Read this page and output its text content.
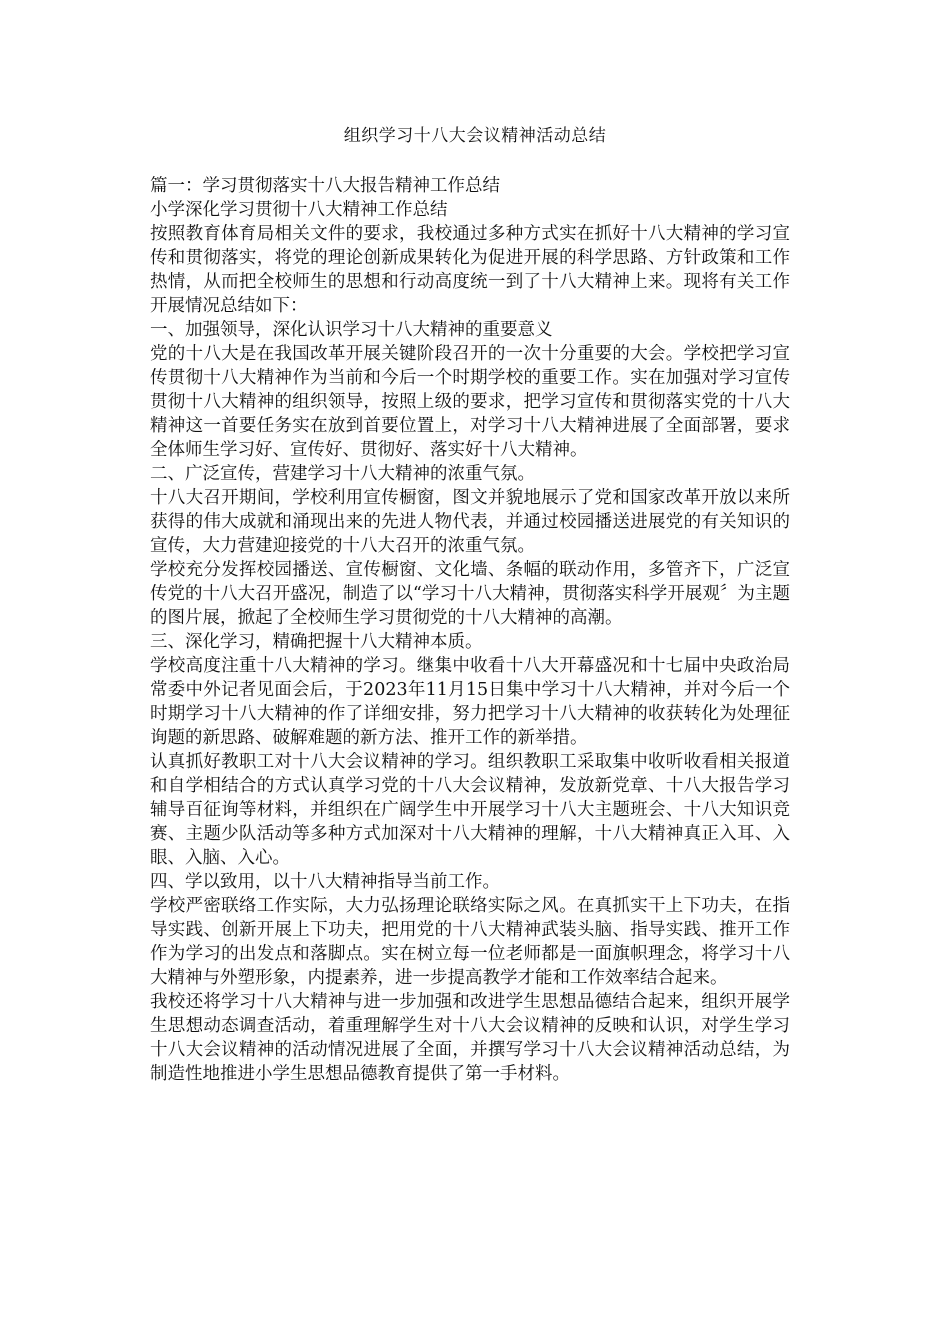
组织学习十八大会议精神活动总结

篇一：学习贯彻落实十八大报告精神工作总结

小学深化学习贯彻十八大精神工作总结

按照教育体育局相关文件的要求，我校通过多种方式实在抓好十八大精神的学习宣传和贯彻落实，将党的理论创新成果转化为促进开展的科学思路、方针政策和工作热情，从而把全校师生的思想和行动高度统一到了十八大精神上来。现将有关工作开展情况总结如下：

一、加强领导，深化认识学习十八大精神的重要意义

党的十八大是在我国改革开展关键阶段召开的一次十分重要的大会。学校把学习宣传贯彻十八大精神作为当前和今后一个时期学校的重要工作。实在加强对学习宣传贯彻十八大精神的组织领导，按照上级的要求，把学习宣传和贯彻落实党的十八大精神这一首要任务实在放到首要位置上，对学习十八大精神进展了全面部署，要求全体师生学习好、宣传好、贯彻好、落实好十八大精神。

二、广泛宣传，营建学习十八大精神的浓重气氛。

十八大召开期间，学校利用宣传橱窗，图文并貌地展示了党和国家改革开放以来所获得的伟大成就和涌现出来的先进人物代表，并通过校园播送进展党的有关知识的宣传，大力营建迎接党的十八大召开的浓重气氛。

学校充分发挥校园播送、宣传橱窗、文化墙、条幅的联动作用，多管齐下，广泛宣传党的十八大召开盛况，制造了以“学习十八大精神，贯彻落实科学开展观〞为主题的图片展，掀起了全校师生学习贯彻党的十八大精神的高潮。

三、深化学习，精确把握十八大精神本质。

学校高度注重十八大精神的学习。继集中收看十八大开幕盛况和十七届中央政治局常委中外记者见面会后，于2023年11月15日集中学习十八大精神，并对今后一个时期学习十八大精神的作了详细安排，努力把学习十八大精神的收获转化为处理征询题的新思路、破解难题的新方法、推开工作的新举措。

认真抓好教职工对十八大会议精神的学习。组织教职工采取集中收听收看相关报道和自学相结合的方式认真学习党的十八大会议精神，发放新党章、十八大报告学习辅导百征询等材料，并组织在广阔学生中开展学习十八大主题班会、十八大知识竞赛、主题少队活动等多种方式加深对十八大精神的理解，十八大精神真正入耳、入眼、入脑、入心。

四、学以致用，以十八大精神指导当前工作。

学校严密联络工作实际，大力弘扬理论联络实际之风。在真抓实干上下功夫，在指导实践、创新开展上下功夫，把用党的十八大精神武装头脑、指导实践、推开工作作为学习的出发点和落脚点。实在树立每一位老师都是一面旗帜理念，将学习十八大精神与外塑形象，内提素养，进一步提高教学才能和工作效率结合起来。

我校还将学习十八大精神与进一步加强和改进学生思想品德结合起来，组织开展学生思想动态调查活动，着重理解学生对十八大会议精神的反映和认识，对学生学习十八大会议精神的活动情况进展了全面，并撰写学习十八大会议精神活动总结，为制造性地推进小学生思想品德教育提供了第一手材料。
